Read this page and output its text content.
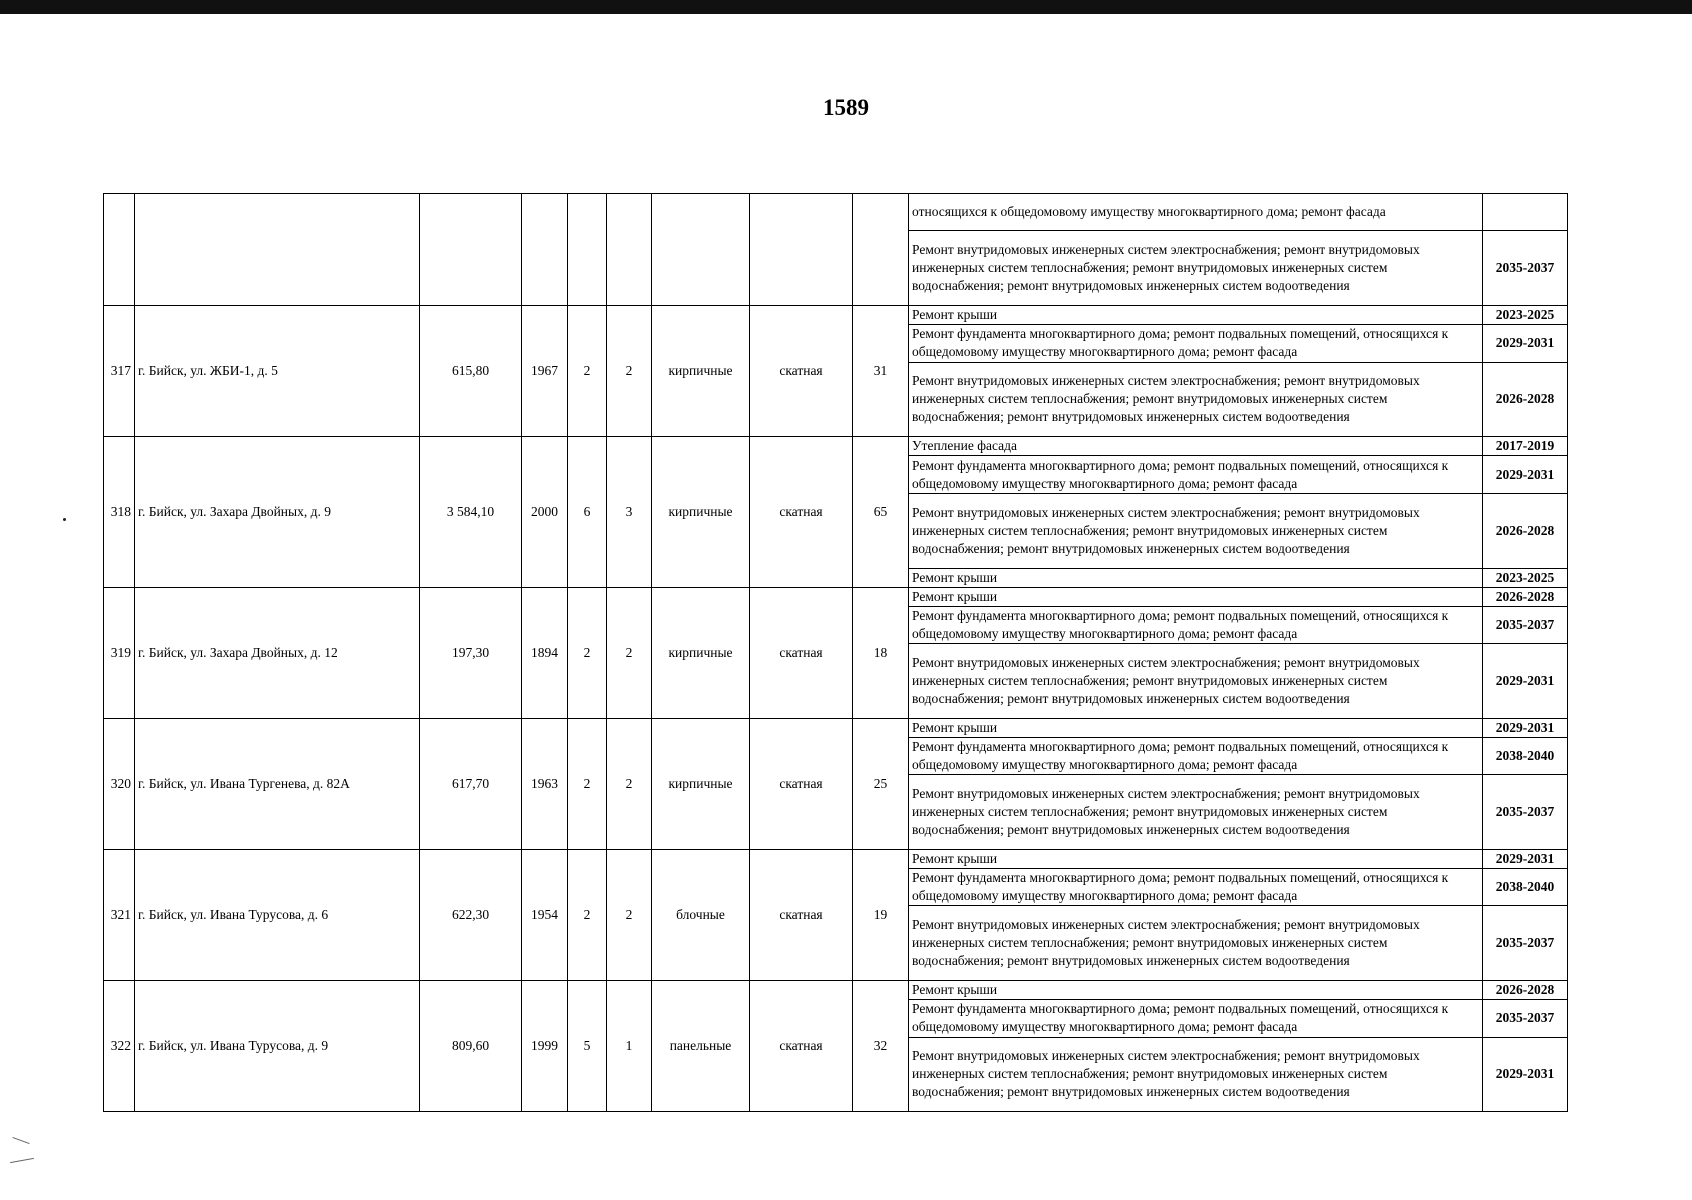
1589
									относящихся к общедомовому имуществу многоквартирного дома; ремонт фасада	
									Ремонт внутридомовых инженерных систем электроснабжения; ремонт внутридомовых инженерных систем теплоснабжения; ремонт внутридомовых инженерных систем водоснабжения; ремонт внутридомовых инженерных систем водоотведения	2035-2037
317	г. Бийск, ул. ЖБИ-1, д. 5	615,80	1967	2	2	кирпичные	скатная	31	Ремонт крыши	2023-2025
									Ремонт фундамента многоквартирного дома; ремонт подвальных помещений, относящихся к общедомовому имуществу многоквартирного дома; ремонт фасада	2029-2031
									Ремонт внутридомовых инженерных систем электроснабжения; ремонт внутридомовых инженерных систем теплоснабжения; ремонт внутридомовых инженерных систем водоснабжения; ремонт внутридомовых инженерных систем водоотведения	2026-2028
318	г. Бийск, ул. Захара Двойных, д. 9	3 584,10	2000	6	3	кирпичные	скатная	65	Утепление фасада	2017-2019
									Ремонт фундамента многоквартирного дома; ремонт подвальных помещений, относящихся к общедомовому имуществу многоквартирного дома; ремонт фасада	2029-2031
									Ремонт внутридомовых инженерных систем электроснабжения; ремонт внутридомовых инженерных систем теплоснабжения; ремонт внутридомовых инженерных систем водоснабжения; ремонт внутридомовых инженерных систем водоотведения	2026-2028
									Ремонт крыши	2023-2025
319	г. Бийск, ул. Захара Двойных, д. 12	197,30	1894	2	2	кирпичные	скатная	18	Ремонт крыши	2026-2028
									Ремонт фундамента многоквартирного дома; ремонт подвальных помещений, относящихся к общедомовому имуществу многоквартирного дома; ремонт фасада	2035-2037
									Ремонт внутридомовых инженерных систем электроснабжения; ремонт внутридомовых инженерных систем теплоснабжения; ремонт внутридомовых инженерных систем водоснабжения; ремонт внутридомовых инженерных систем водоотведения	2029-2031
320	г. Бийск, ул. Ивана Тургенева, д. 82А	617,70	1963	2	2	кирпичные	скатная	25	Ремонт крыши	2029-2031
									Ремонт фундамента многоквартирного дома; ремонт подвальных помещений, относящихся к общедомовому имуществу многоквартирного дома; ремонт фасада	2038-2040
									Ремонт внутридомовых инженерных систем электроснабжения; ремонт внутридомовых инженерных систем теплоснабжения; ремонт внутридомовых инженерных систем водоснабжения; ремонт внутридомовых инженерных систем водоотведения	2035-2037
321	г. Бийск, ул. Ивана Турусова, д. 6	622,30	1954	2	2	блочные	скатная	19	Ремонт крыши	2029-2031
									Ремонт фундамента многоквартирного дома; ремонт подвальных помещений, относящихся к общедомовому имуществу многоквартирного дома; ремонт фасада	2038-2040
									Ремонт внутридомовых инженерных систем электроснабжения; ремонт внутридомовых инженерных систем теплоснабжения; ремонт внутридомовых инженерных систем водоснабжения; ремонт внутридомовых инженерных систем водоотведения	2035-2037
322	г. Бийск, ул. Ивана Турусова, д. 9	809,60	1999	5	1	панельные	скатная	32	Ремонт крыши	2026-2028
									Ремонт фундамента многоквартирного дома; ремонт подвальных помещений, относящихся к общедомовому имуществу многоквартирного дома; ремонт фасада	2035-2037
									Ремонт внутридомовых инженерных систем электроснабжения; ремонт внутридомовых инженерных систем теплоснабжения; ремонт внутридомовых инженерных систем водоснабжения; ремонт внутридомовых инженерных систем водоотведения	2029-2031
